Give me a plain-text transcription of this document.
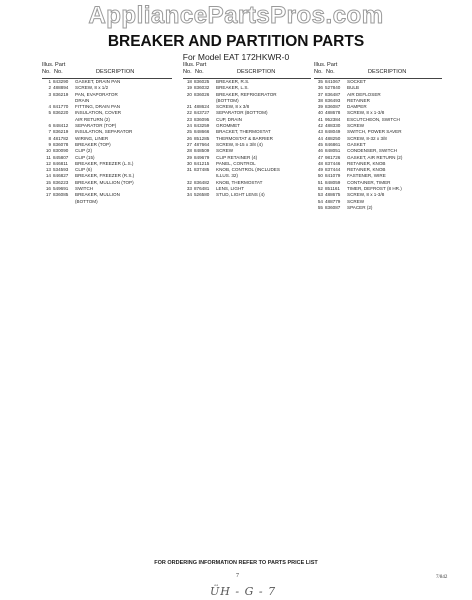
AppliancePartsPros.com
BREAKER AND PARTITION PARTS
For Model EAT 172HKWR-0
Illus. Part
No. No.	DESCRIPTION
1 843290	GASKET, DRAIN PAN
2 488894	SCREW, 8 x 1/2
3 836219	PAN, EVAPORATOR
DRAIN
4 841770	FITTING, DRAIN PAN
5 836220	INSULATION, COVER
AIR RETURN (2)
6 848412	SEPARATOR (TOP)
7 836219	INSULATION, SEPARATOR
8 481782	WIRING, LINER
9 836078	BREAKER (TOP)
10 830090	CLIP (2)
11 845807	CLIP (15)
12 846811	BREAKER, FREEZER (L.S.)
13 534593	CLIP (6)
14 846827	BREAKER, FREEZER (R.S.)
15 836223	BREAKER, MULLION (TOP)
16 549691	SWITCH
17 836085	BREAKER, MULLION
(BOTTOM)
Illus. Part
No. No.	DESCRIPTION
18 836025	BREAKER, R.S.
19 836032	BREAKER, L.S.
20 836026	BREAKER, REFRIGERATOR
(BOTTOM)
21 488624	SCREW, 8 x 3/8
22 843727	SEPARATOR (BOTTOM)
23 836095	CUP, DRAIN
24 843259	GROMMET
25 848666	BRACKET, THERMOSTAT
26 851285	THERMOSTAT & BARRIER
27 487664	SCREW, 8-15 x 3/8 (4)
28 848509	SCREW
29 849679	CLIP RETAINER (4)
30 841215	PANEL, CONTROL
31 837485	KNOB, CONTROL (INCLUDES
ILLUS. 32)
32 836482	KNOB, THERMOSTAT
33 876481	LENS, LIGHT
34 526580	STUD, LIGHT LENS (4)
Illus. Part
No. No.	DESCRIPTION
35 841067	SOCKET
36 527840	BULB
37 836487	AIR DEFLOSER
38 836493	RETAINER
39 836087	DAMPER
40 488678	SCREW, 8 x 1-3/8
41 952384	ESCUTCHEON, SWITCH
42 488330	SCREW
43 848049	SWITCH, POWER SAVER
44 488250	SCREW, 8-32 x 3/8
45 846861	GASKET
46 848051	CONDENSER, SWITCH
47 981726	GASKET, AIR RETURN (2)
48 837446	RETAINER, KNOB
49 837444	RETAINER, KNOB
50 841079	FASTENER, WIRE
51 848059	CONTAINER, TIMER
52 851161	TIMER, DEFROST (8 HR.)
53 488675	SCREW, 8 x 1-3/8
54 488779	SCREW
55 836087	SPACER (2)
FOR ORDERING INFORMATION REFER TO PARTS PRICE LIST
7	7/842
ÜH - G - 7
